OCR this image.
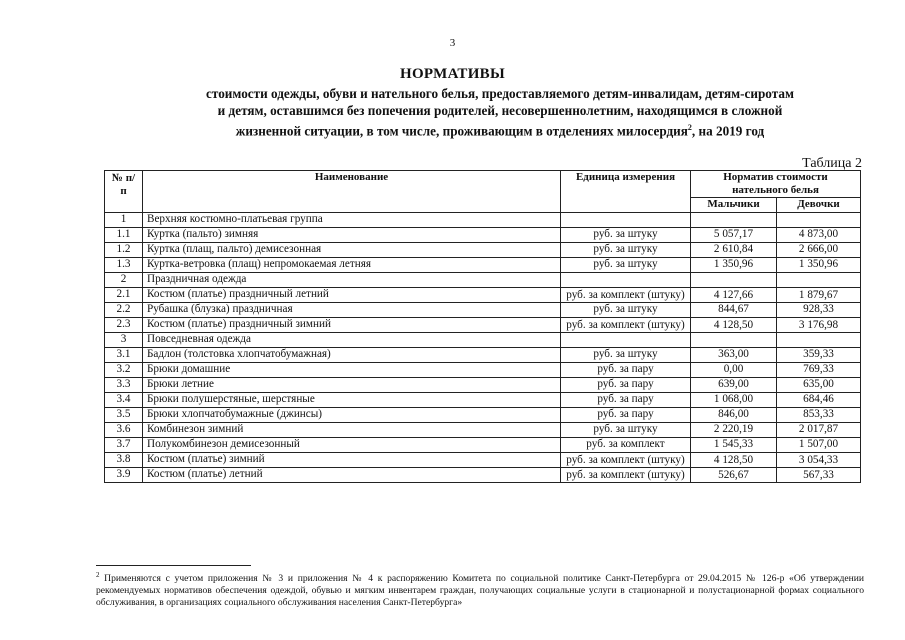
3
НОРМАТИВЫ
стоимости одежды, обуви и нательного белья, предоставляемого детям-инвалидам, детям-сиротам
и детям, оставшимся без попечения родителей, несовершеннолетним, находящимся в сложной
жизненной ситуации, в том числе, проживающим в отделениях милосердия$^2$, на 2019 год
Таблица 2
№ п/п	Наименование	Единица измерения	Норматив стоимости нательного белья	
			Мальчики	Девочки
1	Верхняя костюмно-платьевая группа			
1.1	Куртка (пальто) зимняя	руб. за штуку	5 057,17	4 873,00
1.2	Куртка (плащ, пальто) демисезонная	руб. за штуку	2 610,84	2 666,00
1.3	Куртка-ветровка (плащ) непромокаемая летняя	руб. за штуку	1 350,96	1 350,96
2	Праздничная одежда			
2.1	Костюм (платье) праздничный летний	руб. за комплект (штуку)	4 127,66	1 879,67
2.2	Рубашка (блузка) праздничная	руб. за штуку	844,67	928,33
2.3	Костюм (платье) праздничный зимний	руб. за комплект (штуку)	4 128,50	3 176,98
3	Повседневная одежда			
3.1	Бадлон (толстовка хлопчатобумажная)	руб. за штуку	363,00	359,33
3.2	Брюки домашние	руб. за пару	0,00	769,33
3.3	Брюки летние	руб. за пару	639,00	635,00
3.4	Брюки полушерстяные, шерстяные	руб. за пару	1 068,00	684,46
3.5	Брюки хлопчатобумажные (джинсы)	руб. за пару	846,00	853,33
3.6	Комбинезон зимний	руб. за штуку	2 220,19	2 017,87
3.7	Полукомбинезон демисезонный	руб. за комплект	1 545,33	1 507,00
3.8	Костюм (платье) зимний	руб. за комплект (штуку)	4 128,50	3 054,33
3.9	Костюм (платье) летний	руб. за комплект (штуку)	526,67	567,33
$^2$ Применяются с учетом приложения № 3 и приложения № 4 к распоряжению Комитета по социальной политике Санкт-Петербурга от 29.04.2015 № 126-р «Об утверждении рекомендуемых нормативов обеспечения одеждой, обувью и мягким инвентарем граждан, получающих социальные услуги в стационарной и полустационарной формах социального обслуживания, в организациях социального обслуживания населения Санкт-Петербурга»
